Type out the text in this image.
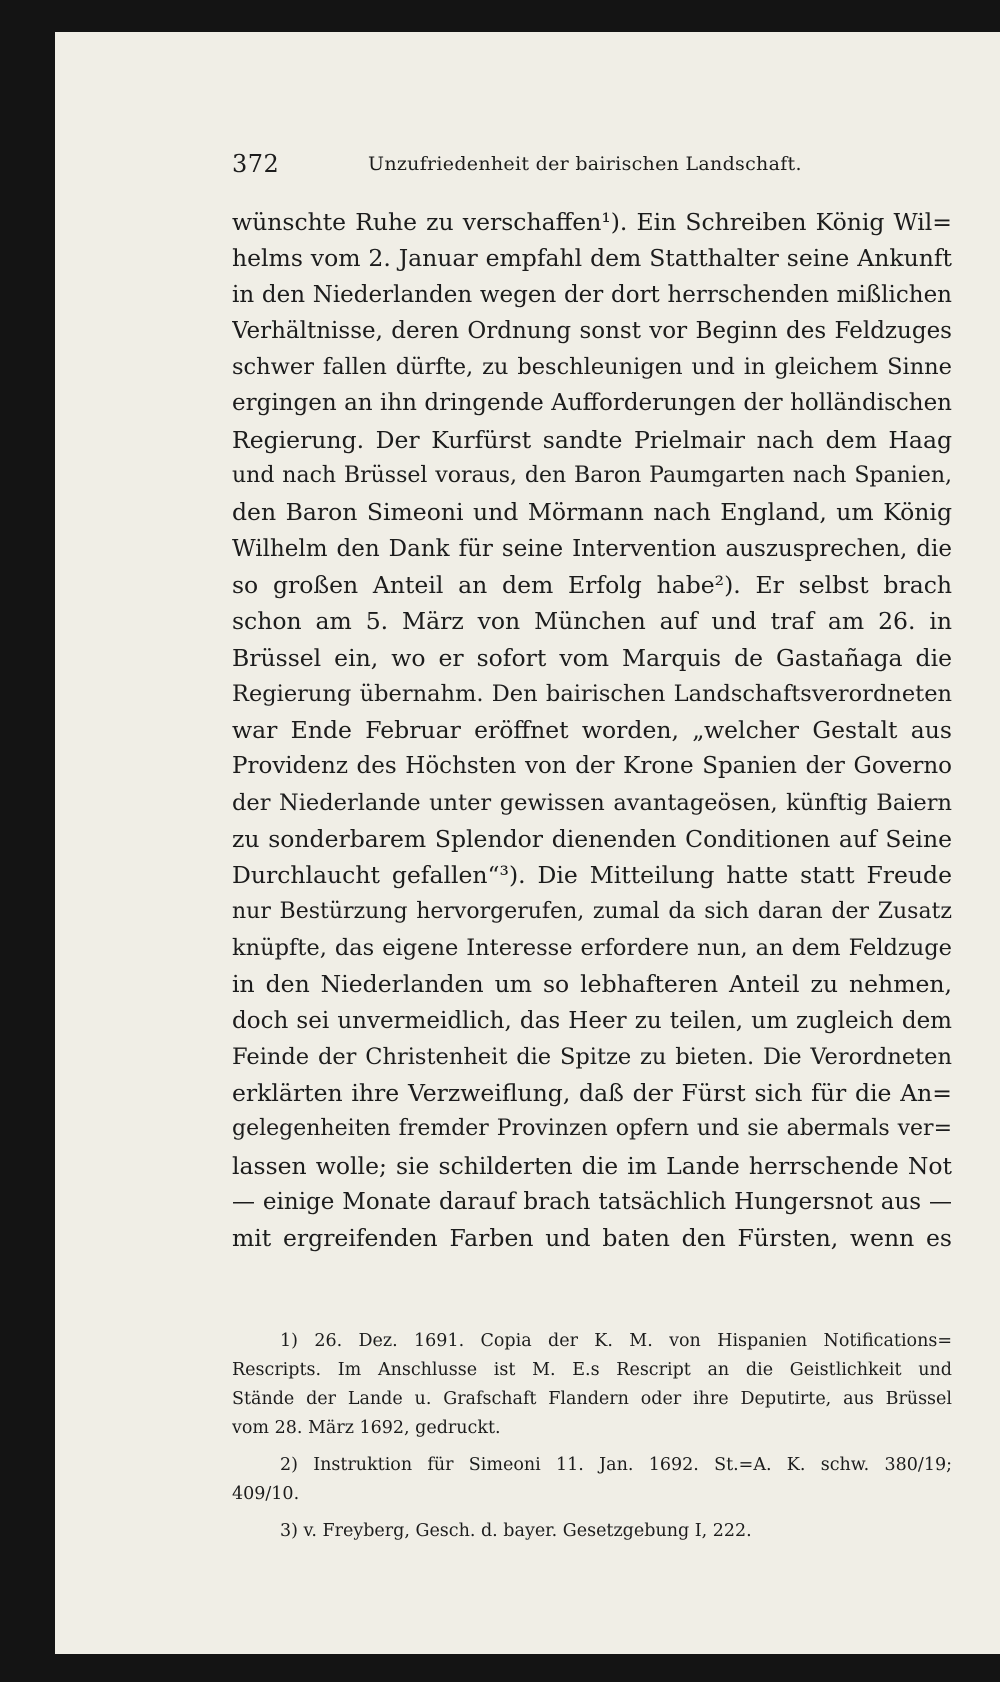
372	Unzufriedenheit der bairischen Landschaft.
wünschte Ruhe zu verschaffen¹). Ein Schreiben König Wil=
helms vom 2. Januar empfahl dem Statthalter seine Ankunft
in den Niederlanden wegen der dort herrschenden mißlichen
Verhältnisse, deren Ordnung sonst vor Beginn des Feldzuges
schwer fallen dürfte, zu beschleunigen und in gleichem Sinne
ergingen an ihn dringende Aufforderungen der holländischen
Regierung. Der Kurfürst sandte Prielmair nach dem Haag
und nach Brüssel voraus, den Baron Paumgarten nach Spanien,
den Baron Simeoni und Mörmann nach England, um König
Wilhelm den Dank für seine Intervention auszusprechen, die
so großen Anteil an dem Erfolg habe²). Er selbst brach
schon am 5. März von München auf und traf am 26. in
Brüssel ein, wo er sofort vom Marquis de Gastañaga die
Regierung übernahm. Den bairischen Landschaftsverordneten
war Ende Februar eröffnet worden, „welcher Gestalt aus
Providenz des Höchsten von der Krone Spanien der Governo
der Niederlande unter gewissen avantageösen, künftig Baiern
zu sonderbarem Splendor dienenden Conditionen auf Seine
Durchlaucht gefallen“³). Die Mitteilung hatte statt Freude
nur Bestürzung hervorgerufen, zumal da sich daran der Zusatz
knüpfte, das eigene Interesse erfordere nun, an dem Feldzuge
in den Niederlanden um so lebhafteren Anteil zu nehmen,
doch sei unvermeidlich, das Heer zu teilen, um zugleich dem
Feinde der Christenheit die Spitze zu bieten. Die Verordneten
erklärten ihre Verzweiflung, daß der Fürst sich für die An=
gelegenheiten fremder Provinzen opfern und sie abermals ver=
lassen wolle; sie schilderten die im Lande herrschende Not
— einige Monate darauf brach tatsächlich Hungersnot aus —
mit ergreifenden Farben und baten den Fürsten, wenn es
1) 26. Dez. 1691. Copia der K. M. von Hispanien Notifications=
Rescripts. Im Anschlusse ist M. E.s Rescript an die Geistlichkeit und
Stände der Lande u. Grafschaft Flandern oder ihre Deputirte, aus Brüssel
vom 28. März 1692, gedruckt.
2) Instruktion für Simeoni 11. Jan. 1692. St.=A. K. schw. 380/19;
409/10.
3) v. Freyberg, Gesch. d. bayer. Gesetzgebung I, 222.
